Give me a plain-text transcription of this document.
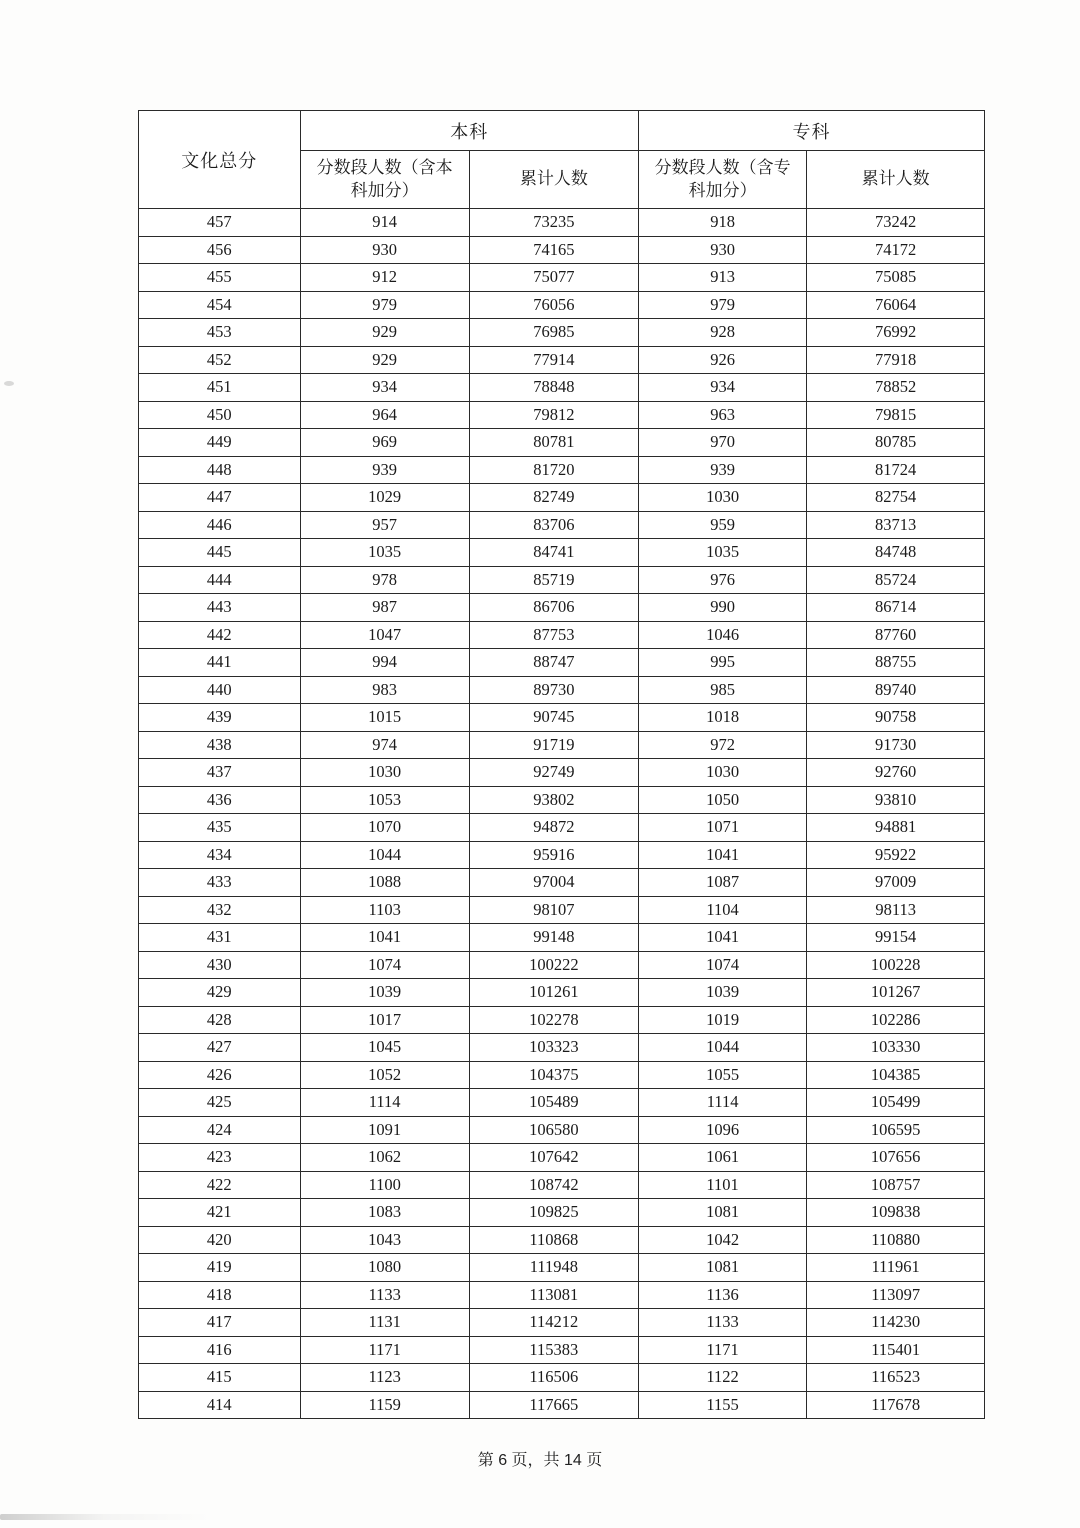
文化总分	本科		专科	
	分数段人数（含本科加分）	累计人数	分数段人数（含专科加分）	累计人数
457	914	73235	918	73242
456	930	74165	930	74172
455	912	75077	913	75085
454	979	76056	979	76064
453	929	76985	928	76992
452	929	77914	926	77918
451	934	78848	934	78852
450	964	79812	963	79815
449	969	80781	970	80785
448	939	81720	939	81724
447	1029	82749	1030	82754
446	957	83706	959	83713
445	1035	84741	1035	84748
444	978	85719	976	85724
443	987	86706	990	86714
442	1047	87753	1046	87760
441	994	88747	995	88755
440	983	89730	985	89740
439	1015	90745	1018	90758
438	974	91719	972	91730
437	1030	92749	1030	92760
436	1053	93802	1050	93810
435	1070	94872	1071	94881
434	1044	95916	1041	95922
433	1088	97004	1087	97009
432	1103	98107	1104	98113
431	1041	99148	1041	99154
430	1074	100222	1074	100228
429	1039	101261	1039	101267
428	1017	102278	1019	102286
427	1045	103323	1044	103330
426	1052	104375	1055	104385
425	1114	105489	1114	105499
424	1091	106580	1096	106595
423	1062	107642	1061	107656
422	1100	108742	1101	108757
421	1083	109825	1081	109838
420	1043	110868	1042	110880
419	1080	111948	1081	111961
418	1133	113081	1136	113097
417	1131	114212	1133	114230
416	1171	115383	1171	115401
415	1123	116506	1122	116523
414	1159	117665	1155	117678
第 6 页，共 14 页
